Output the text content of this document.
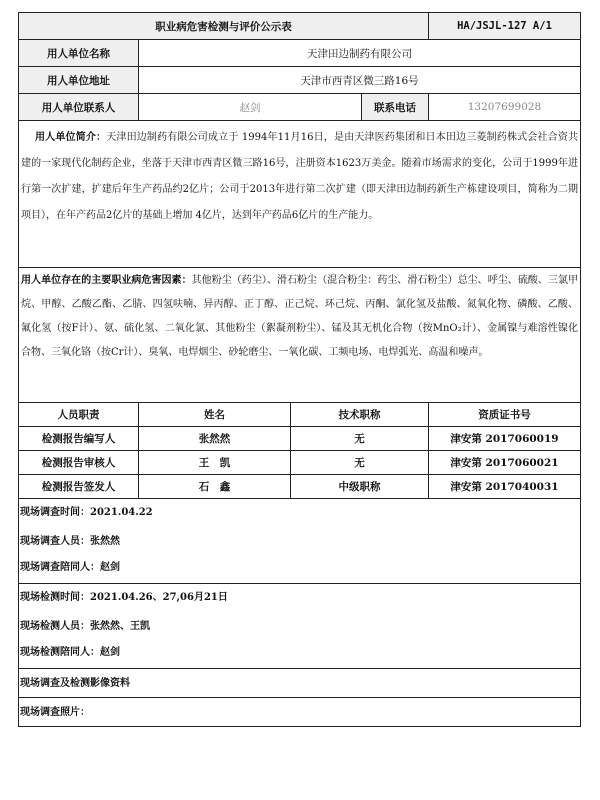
职业病危害检测与评价公示表				HA/JSJL-127 A/1
用人单位名称	天津田边制药有限公司			
用人单位地址	天津市西青区微三路16号			
用人单位联系人	赵剑		联系电话	13207699028
用人单位简介：天津田边制药有限公司成立于 1994年11月16日，是由天津医药集团和日本田边三菱制药株式会社合资共建的一家现代化制药企业，坐落于天津市西青区微三路16号，注册资本1623万美金。随着市场需求的变化，公司于1999年进行第一次扩建，扩建后年生产药品约2亿片；公司于2013年进行第二次扩建（即天津田边制药新生产栋建设项目，简称为二期项目），在年产药品2亿片的基础上增加 4亿片，达到年产药品6亿片的生产能力。				
用人单位存在的主要职业病危害因素：其他粉尘（药尘）、滑石粉尘（混合粉尘：药尘、滑石粉尘）总尘、呼尘、硫酸、三氯甲烷、甲醇、乙酸乙酯、乙腈、四氢呋喃、异丙醇、正丁醇、正己烷、环己烷、丙酮、氯化氢及盐酸、氮氧化物、磷酸、乙酸、氟化氢（按F计）、氨、硫化氢、二氧化氯、其他粉尘（絮凝剂粉尘）、锰及其无机化合物（按MnO₂计）、金属镍与难溶性镍化合物、三氧化铬（按Cr计）、臭氧、电焊烟尘、砂轮磨尘、一氧化碳、工频电场、电焊弧光、高温和噪声。				
人员职责	姓名	技术职称		资质证书号
检测报告编写人	张然然	无		津安第 2017060019
检测报告审核人	王　凯	无		津安第 2017060021
检测报告签发人	石　鑫	中级职称		津安第 2017040031

现场调查时间：2021.04.22
现场调查人员：张然然
现场调查陪同人：赵剑				

现场检测时间：2021.04.26、27,06月21日
现场检测人员：张然然、王凯
现场检测陪同人：赵剑				

现场调查及检测影像资料				
现场调查照片：				
